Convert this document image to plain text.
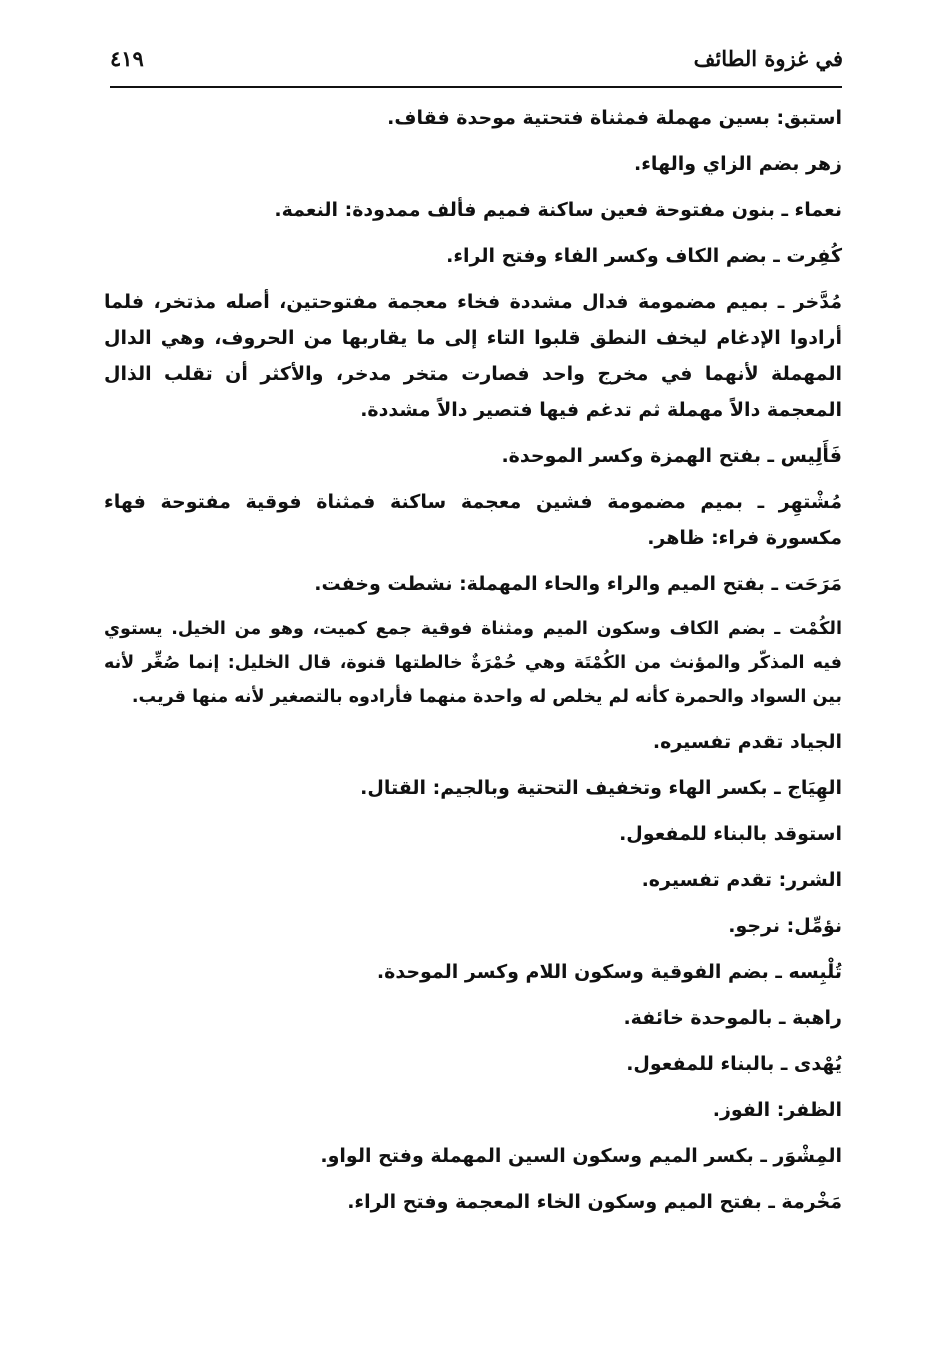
في غزوة الطائف
٤١٩

استبق: بسين مهملة فمثناة فتحتية موحدة فقاف.

زهر بضم الزاي والهاء.

نعماء ـ بنون مفتوحة فعين ساكنة فميم فألف ممدودة: النعمة.

كُفِرت ـ بضم الكاف وكسر الفاء وفتح الراء.

مُدَّخر ـ بميم مضمومة فدال مشددة فخاء معجمة مفتوحتين، أصله مذتخر، فلما أرادوا الإدغام ليخف النطق قلبوا التاء إلى ما يقاربها من الحروف، وهي الدال المهملة لأنهما في مخرج واحد فصارت متخر مدخر، والأكثر أن تقلب الذال المعجمة دالاً مهملة ثم تدغم فيها فتصير دالاً مشددة.

فَأَلِيس ـ بفتح الهمزة وكسر الموحدة.

مُشْتهِر ـ بميم مضمومة فشين معجمة ساكنة فمثناة فوقية مفتوحة فهاء مكسورة فراء: ظاهر.

مَرَحَت ـ بفتح الميم والراء والحاء المهملة: نشطت وخفت.

الكُمْت ـ بضم الكاف وسكون الميم ومثناة فوقية جمع كميت، وهو من الخيل. يستوي فيه المذكّر والمؤنث من الكُمْتَة وهي حُمْرَةٌ خالطتها قنوة، قال الخليل: إنما صُغِّر لأنه بين السواد والحمرة كأنه لم يخلص له واحدة منهما فأرادوه بالتصغير لأنه منها قريب.

الجياد تقدم تفسيره.

الهِيَاج ـ بكسر الهاء وتخفيف التحتية وبالجيم: القتال.

استوقد بالبناء للمفعول.

الشرر: تقدم تفسيره.

نؤمِّل: نرجو.

تُلْبِسه ـ بضم الفوقية وسكون اللام وكسر الموحدة.

راهبة ـ بالموحدة خائفة.

يُهْدى ـ بالبناء للمفعول.

الظفر: الفوز.

المِشْوَر ـ بكسر الميم وسكون السين المهملة وفتح الواو.

مَخْرمة ـ بفتح الميم وسكون الخاء المعجمة وفتح الراء.
